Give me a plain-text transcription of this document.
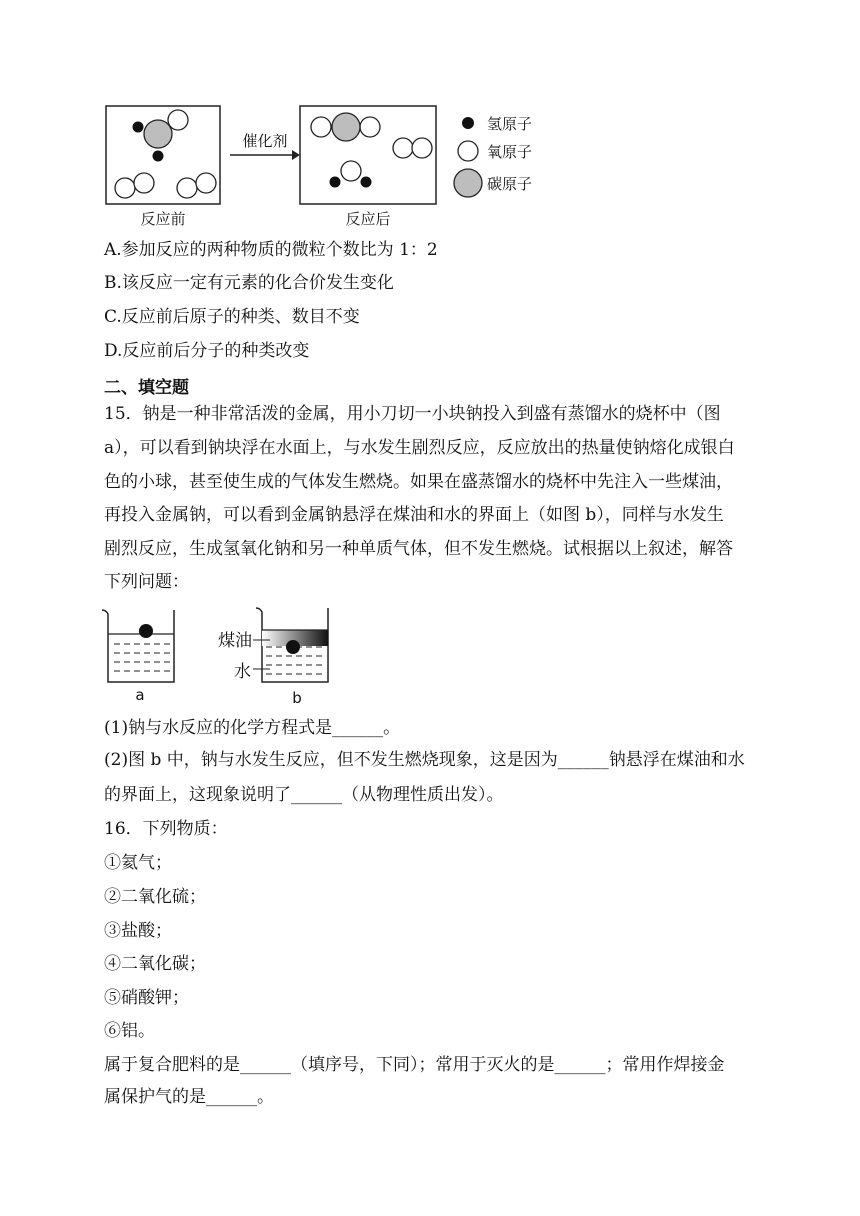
催化剂
反应前	反应后
氢原子
氧原子
碳原子
A.参加反应的两种物质的微粒个数比为 1：2
B.该反应一定有元素的化合价发生变化
C.反应前后原子的种类、数目不变
D.反应前后分子的种类改变
二、填空题
15．钠是一种非常活泼的金属，用小刀切一小块钠投入到盛有蒸馏水的烧杯中（图
a），可以看到钠块浮在水面上，与水发生剧烈反应，反应放出的热量使钠熔化成银白
色的小球，甚至使生成的气体发生燃烧。如果在盛蒸馏水的烧杯中先注入一些煤油，
再投入金属钠，可以看到金属钠悬浮在煤油和水的界面上（如图 b），同样与水发生
剧烈反应，生成氢氧化钠和另一种单质气体，但不发生燃烧。试根据以上叙述，解答
下列问题：
a
煤油
水
b
(1)钠与水反应的化学方程式是______。
(2)图 b 中，钠与水发生反应，但不发生燃烧现象，这是因为______钠悬浮在煤油和水
的界面上，这现象说明了______（从物理性质出发）。
16．下列物质：
①氦气；
②二氧化硫；
③盐酸；
④二氧化碳；
⑤硝酸钾；
⑥铝。
属于复合肥料的是______（填序号，下同）；常用于灭火的是______；常用作焊接金
属保护气的是______。
